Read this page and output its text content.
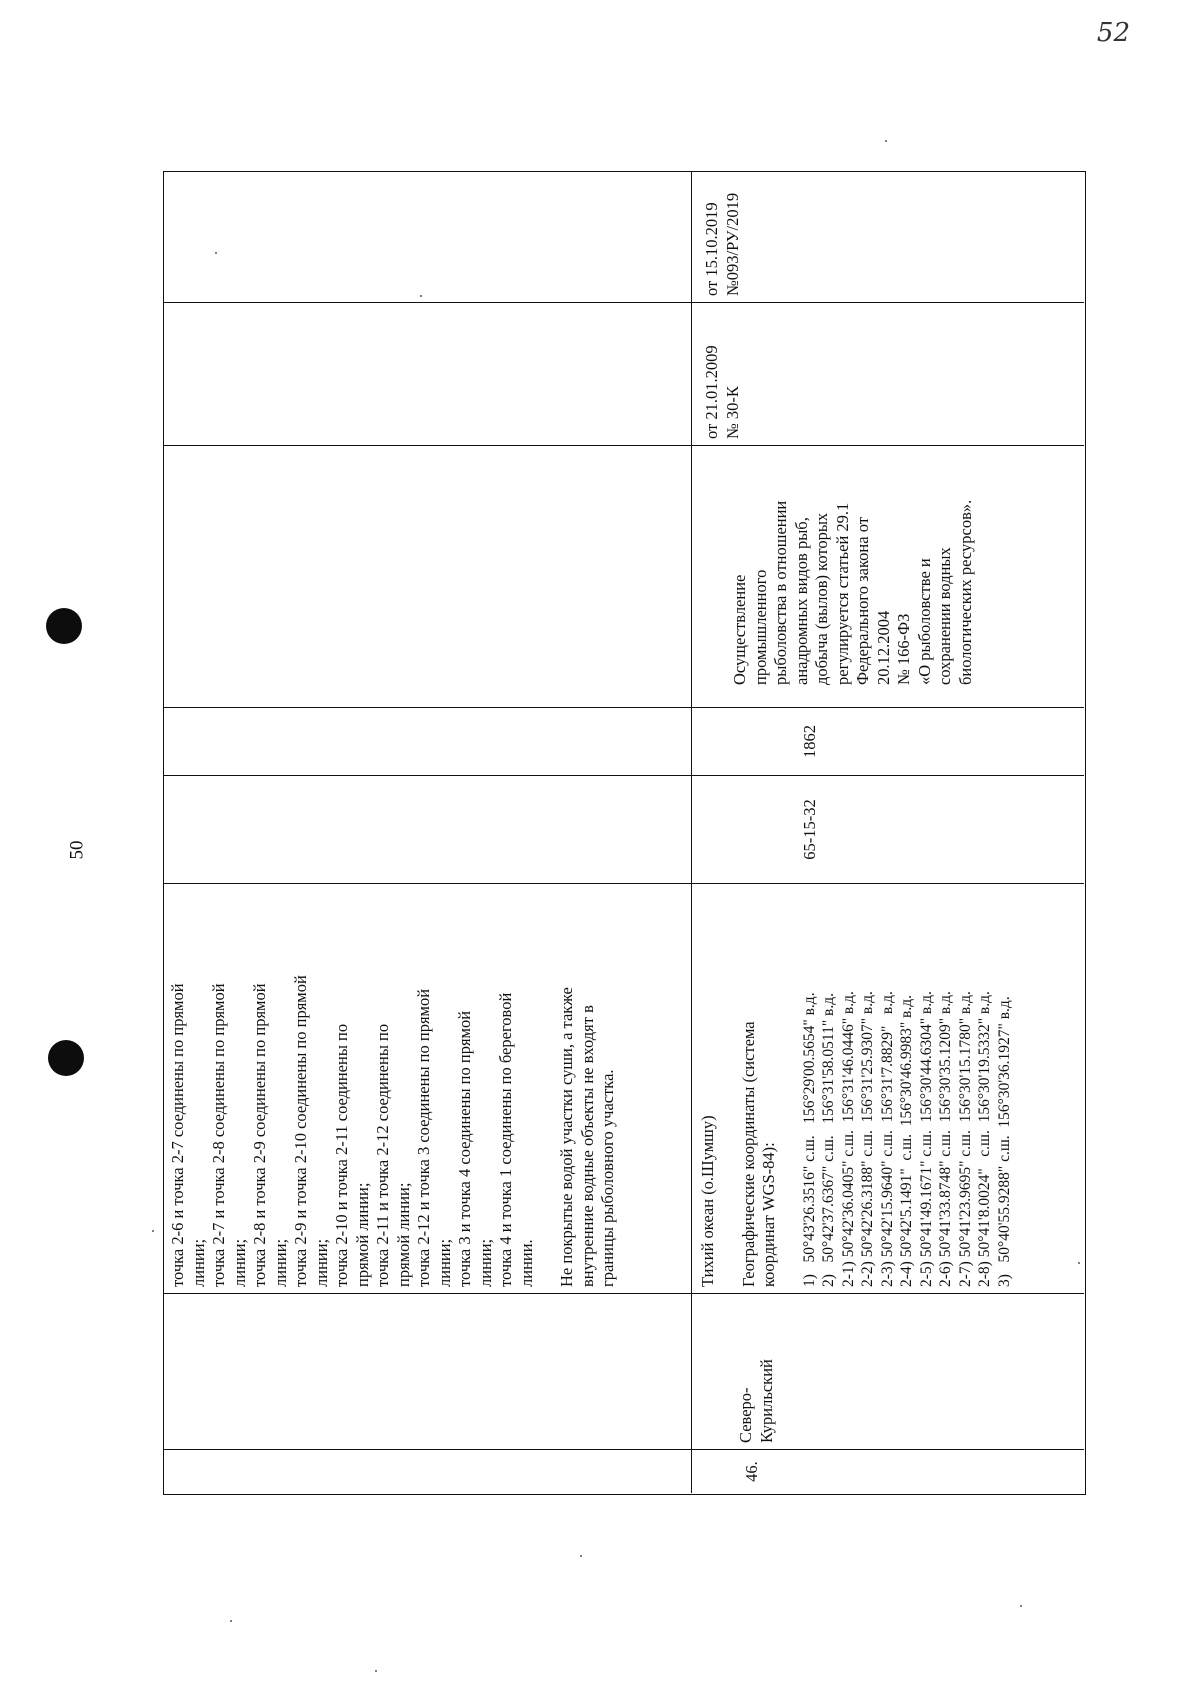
52
50
точка 2-6 и точка 2-7 соединены по прямой линии; точка 2-7 и точка 2-8 соединены по прямой линии; точка 2-8 и точка 2-9 соединены по прямой линии; точка 2-9 и точка 2-10 соединены по прямой линии; точка 2-10 и точка 2-11 соединены по прямой линии; точка 2-11 и точка 2-12 соединены по прямой линии; точка 2-12 и точка 3 соединены по прямой линии; точка 3 и точка 4 соединены по прямой линии; точка 4 и точка 1 соединены по береговой линии. Не покрытые водой участки суши, а также внутренние водные объекты не входят в границы рыболовного участка.
46.
Северо- Курильский
Тихий океан (о.Шумшу) Географические координаты (система координат WGS-84): 1)   50°43'26.3516" с.ш.   156°29'00.5654" в.д. 2)   50°42'37.6367" с.ш.   156°31'58.0511" в.д. 2-1) 50°42'36.0405" с.ш.  156°31'46.0446" в.д. 2-2) 50°42'26.3188" с.ш.  156°31'25.9307" в.д. 2-3) 50°42'15.9640" с.ш.  156°31'7.8829"   в.д. 2-4) 50°42'5.1491"  с.ш.  156°30'46.9983" в.д. 2-5) 50°41'49.1671" с.ш.  156°30'44.6304" в.д. 2-6) 50°41'33.8748" с.ш.  156°30'35.1209" в.д. 2-7) 50°41'23.9695" с.ш.  156°30'15.1780" в.д. 2-8) 50°41'8.0024"   с.ш.  156°30'19.5332" в.д. 3)   50°40'55.9288" с.ш.  156°30'36.1927" в.д.
65-15-32
1862
Осуществление промышленного рыболовства в отношении анадромных видов рыб, добыча (вылов) которых регулируется статьей 29.1 Федерального закона от 20.12.2004 № 166-ФЗ «О рыболовстве и сохранении водных биологических ресурсов».
от 21.01.2009 № 30-К
от 15.10.2019 №093/РУ/2019
